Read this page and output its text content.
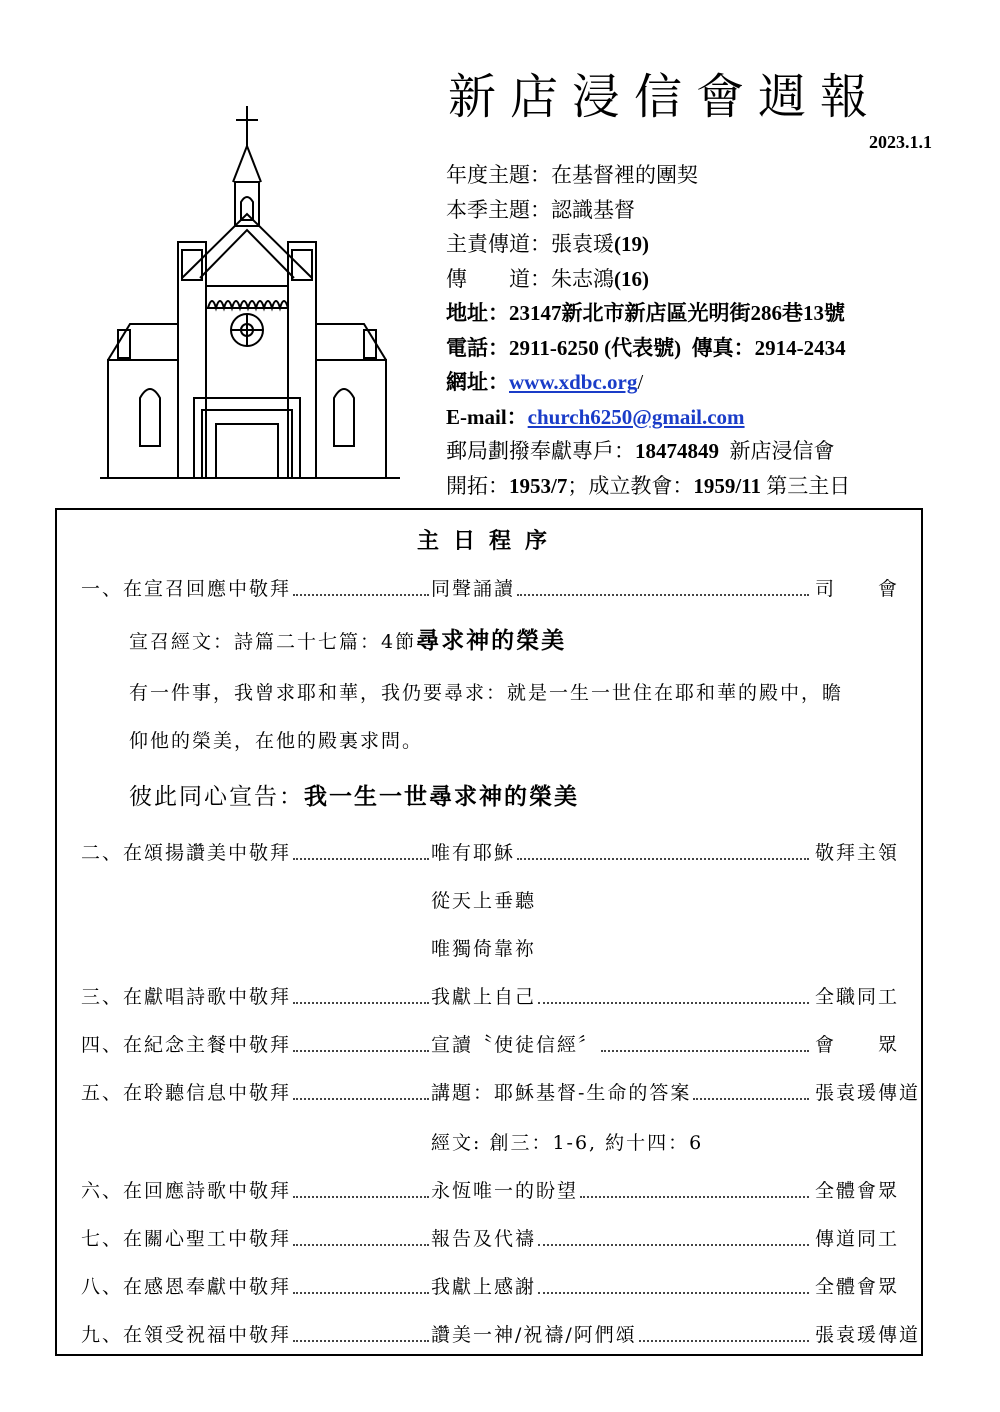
新店浸信會週報
2023.1.1
年度主題：在基督裡的團契
本季主題：認識基督
主責傳道：張袁瑗(19)
傳　　道：朱志鴻(16)
地址：23147新北市新店區光明街286巷13號
電話：2911-6250 (代表號) 傳真：2914-2434
網址：www.xdbc.org/
E-mail：church6250@gmail.com
郵局劃撥奉獻專戶：18474849 新店浸信會
開拓：1953/7；成立教會：1959/11 第三主日
主日程序
一、在宣召回應中敬拜	同聲誦讀	司　　會
宣召經文：詩篇二十七篇：4節尋求神的榮美
有一件事，我曾求耶和華，我仍要尋求：就是一生一世住在耶和華的殿中，瞻
仰他的榮美，在他的殿裏求問。
彼此同心宣告：我一生一世尋求神的榮美
二、在頌揚讚美中敬拜	唯有耶穌	敬拜主領
從天上垂聽
唯獨倚靠祢
三、在獻唱詩歌中敬拜	我獻上自己	全職同工
四、在紀念主餐中敬拜	宣讀〝使徒信經〞	會　　眾
五、在聆聽信息中敬拜	講題：耶穌基督-生命的答案	張袁瑗傳道
經文: 創三：1-6, 約十四：6
六、在回應詩歌中敬拜	永恆唯一的盼望	全體會眾
七、在關心聖工中敬拜	報告及代禱	傳道同工
八、在感恩奉獻中敬拜	我獻上感謝	全體會眾
九、在領受祝福中敬拜	讚美一神/祝禱/阿們頌	張袁瑗傳道
